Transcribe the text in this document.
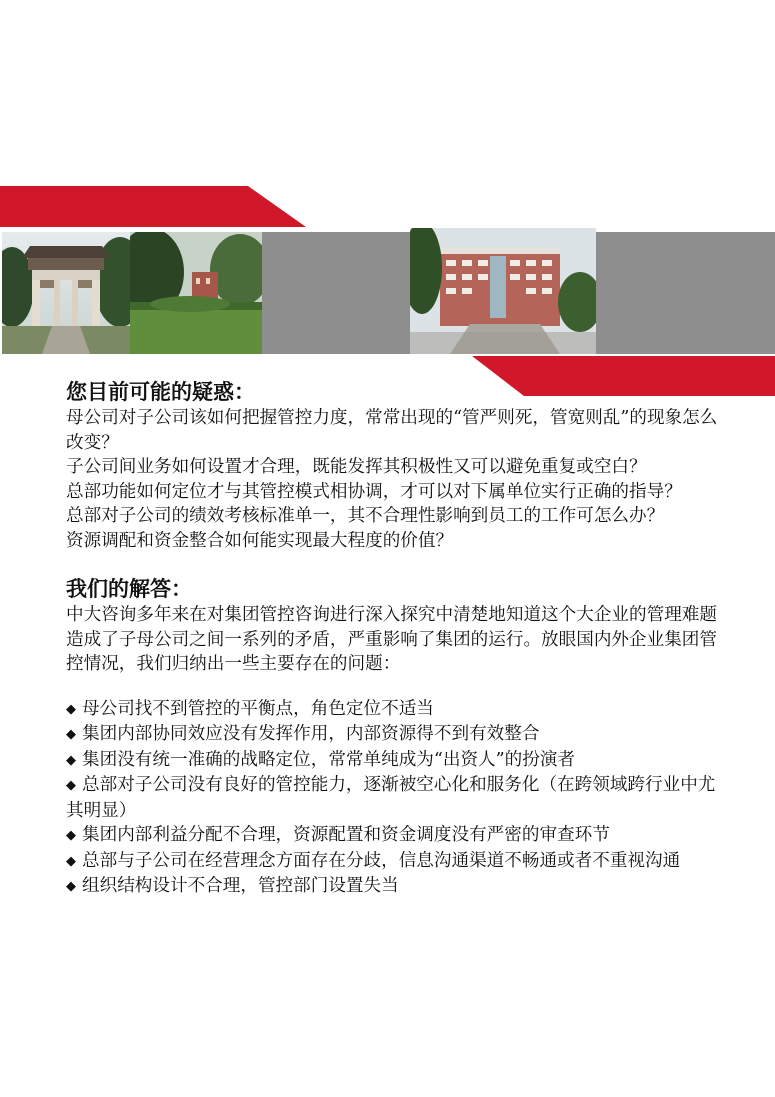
您目前可能的疑惑：

母公司对子公司该如何把握管控力度，常常出现的“管严则死，管宽则乱”的现象怎么改变？

子公司间业务如何设置才合理，既能发挥其积极性又可以避免重复或空白？

总部功能如何定位才与其管控模式相协调，才可以对下属单位实行正确的指导？

总部对子公司的绩效考核标准单一，其不合理性影响到员工的工作可怎么办？

资源调配和资金整合如何能实现最大程度的价值？

我们的解答：

中大咨询多年来在对集团管控咨询进行深入探究中清楚地知道这个大企业的管理难题造成了子母公司之间一系列的矛盾，严重影响了集团的运行。放眼国内外企业集团管控情况，我们归纳出一些主要存在的问题：

◆ 母公司找不到管控的平衡点，角色定位不适当

◆ 集团内部协同效应没有发挥作用，内部资源得不到有效整合

◆ 集团没有统一准确的战略定位，常常单纯成为“出资人”的扮演者

◆ 总部对子公司没有良好的管控能力，逐渐被空心化和服务化（在跨领域跨行业中尤其明显）

◆ 集团内部利益分配不合理，资源配置和资金调度没有严密的审查环节

◆ 总部与子公司在经营理念方面存在分歧，信息沟通渠道不畅通或者不重视沟通

◆ 组织结构设计不合理，管控部门设置失当
